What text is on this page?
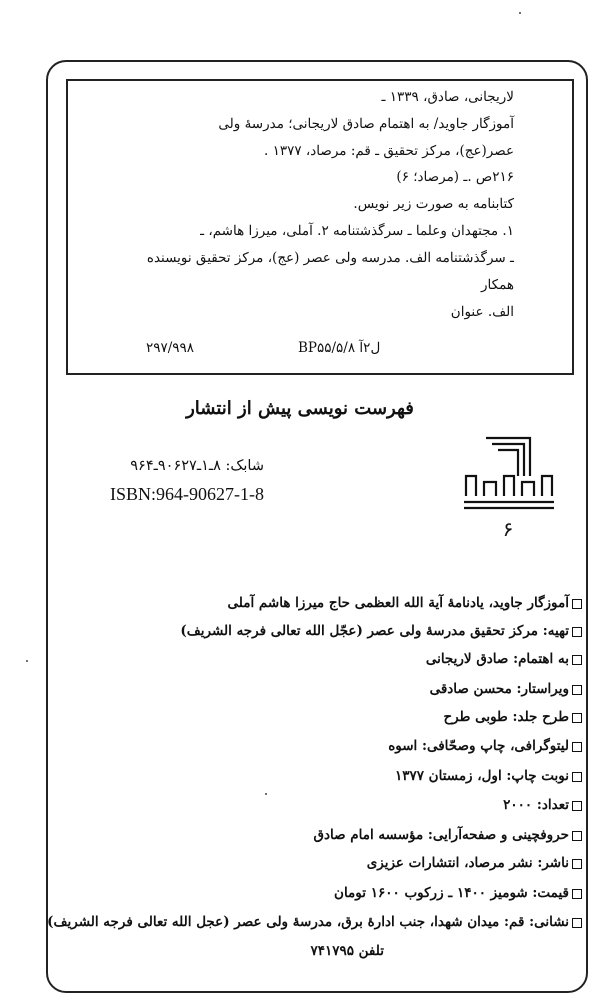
لاریجانی، صادق، ۱۳۳۹ ـ
آموزگار جاوید/ به اهتمام صادق لاریجانی؛ مدرسهٔ ولی
عصر(عج)، مرکز تحقیق ـ قم: مرصاد، ۱۳۷۷ .
۲۱۶ص .ـ (مرصاد؛ ۶)
کتابنامه به صورت زیر نویس.
۱. مجتهدان وعلما ـ سرگذشتنامه ۲. آملی، میرزا هاشم، ـ
ـ سرگذشتنامه الف. مدرسه ولی عصر (عج)، مرکز تحقیق نویسنده
همکار
الف. عنوان
۲۹۷/۹۹۸	BP۵۵/۵/ل۲آ ۸
فهرست نویسی پیش از انتشار
شابک: ۸ـ۱ـ۹۰۶۲۷ـ۹۶۴
ISBN:964-90627-1-8
۶
آموزگار جاوید، یادنامهٔ آیة الله العظمی حاج میرزا هاشم آملی
تهیه: مرکز تحقیق مدرسهٔ ولی عصر (عجّل الله تعالی فرجه الشریف)
به اهتمام: صادق لاریجانی
ویراستار: محسن صادقی
طرح جلد: طوبی طرح
لیتوگرافی، چاپ وصحّافی: اسوه
نوبت چاپ: اول، زمستان ۱۳۷۷
تعداد: ۲۰۰۰
حروفچینی و صفحه‌آرایی: مؤسسه امام صادق
ناشر: نشر مرصاد، انتشارات عزیزی
قیمت: شومیز ۱۴۰۰ ـ زرکوب ۱۶۰۰ تومان
نشانی: قم: میدان شهدا، جنب ادارهٔ برق، مدرسهٔ ولی عصر (عجل الله تعالی فرجه الشریف)
تلفن ۷۴۱۷۹۵
